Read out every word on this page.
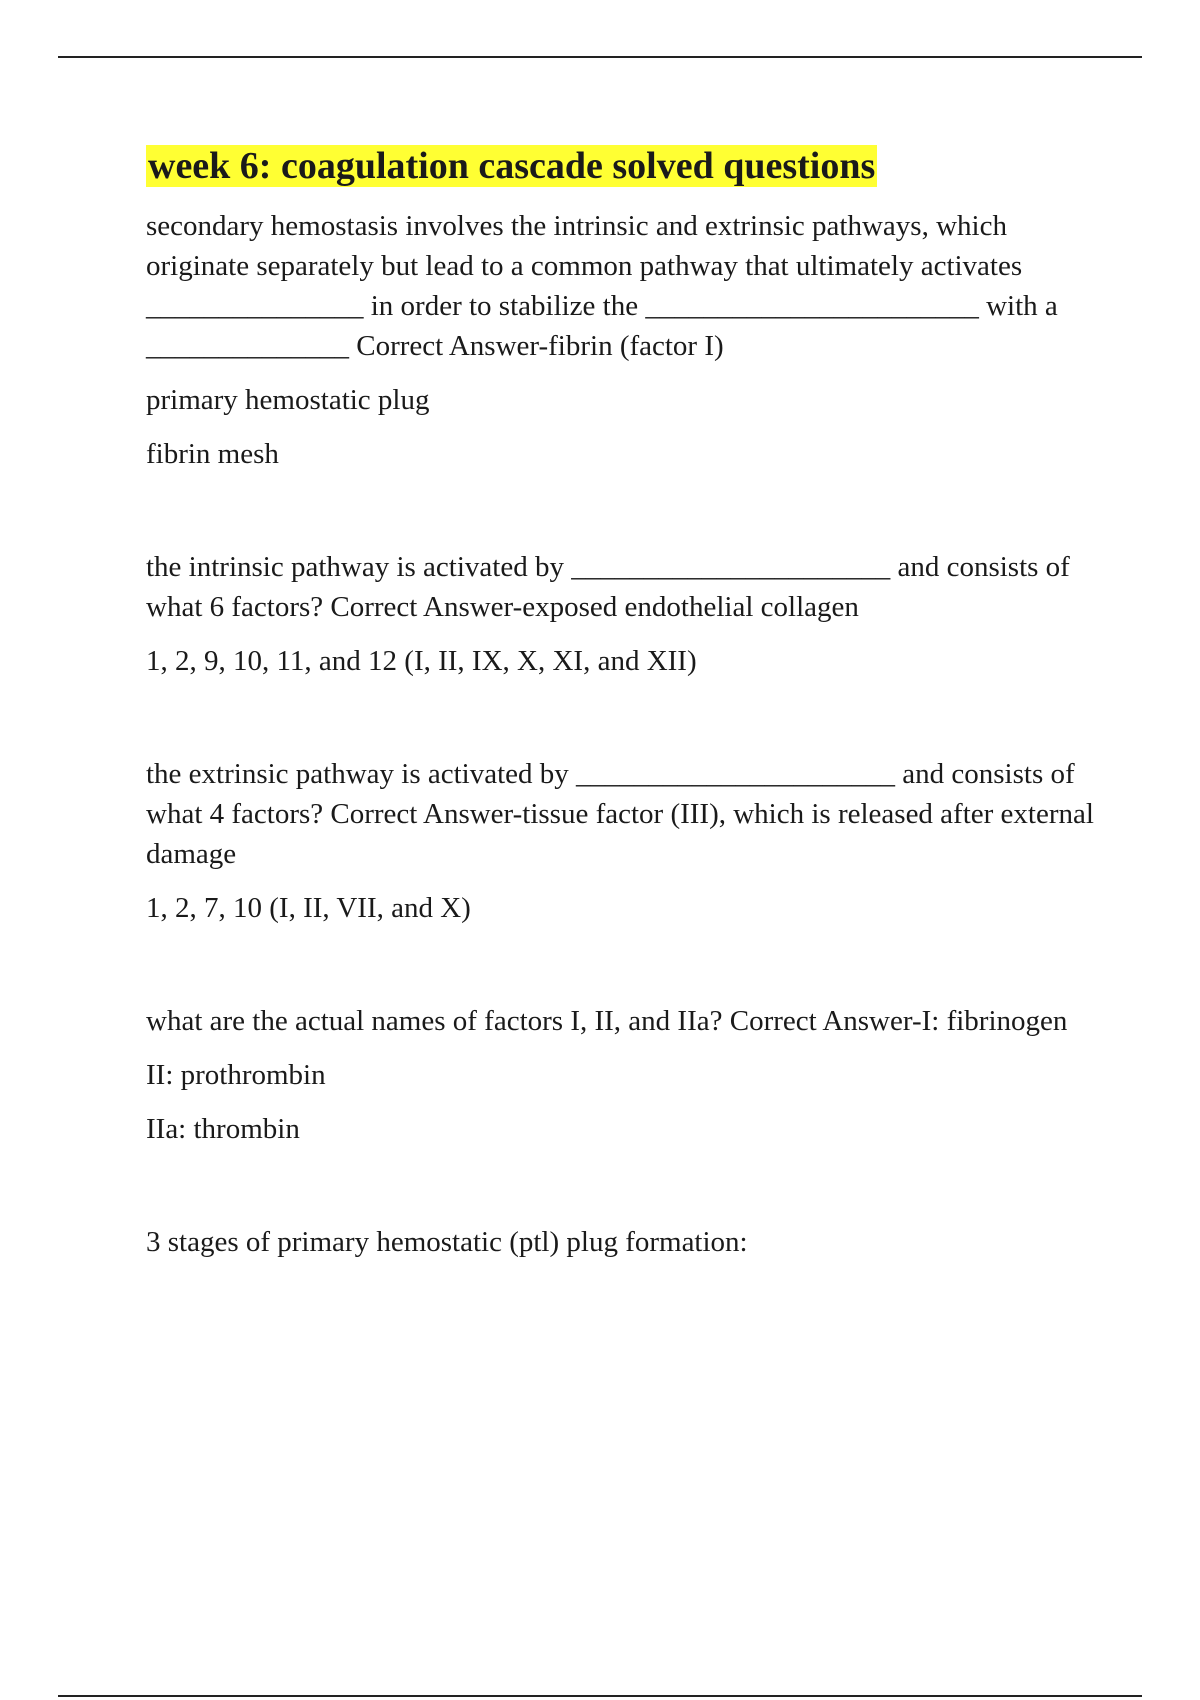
week 6: coagulation cascade solved questions

secondary hemostasis involves the intrinsic and extrinsic pathways, which originate separately but lead to a common pathway that ultimately activates _______________ in order to stabilize the _______________________ with a ______________ Correct Answer-fibrin (factor I)

primary hemostatic plug

fibrin mesh

the intrinsic pathway is activated by ______________________ and consists of what 6 factors? Correct Answer-exposed endothelial collagen

1, 2, 9, 10, 11, and 12 (I, II, IX, X, XI, and XII)

the extrinsic pathway is activated by ______________________ and consists of what 4 factors? Correct Answer-tissue factor (III), which is released after external damage

1, 2, 7, 10 (I, II, VII, and X)

what are the actual names of factors I, II, and IIa? Correct Answer-I: fibrinogen

II: prothrombin

IIa: thrombin

3 stages of primary hemostatic (ptl) plug formation:
